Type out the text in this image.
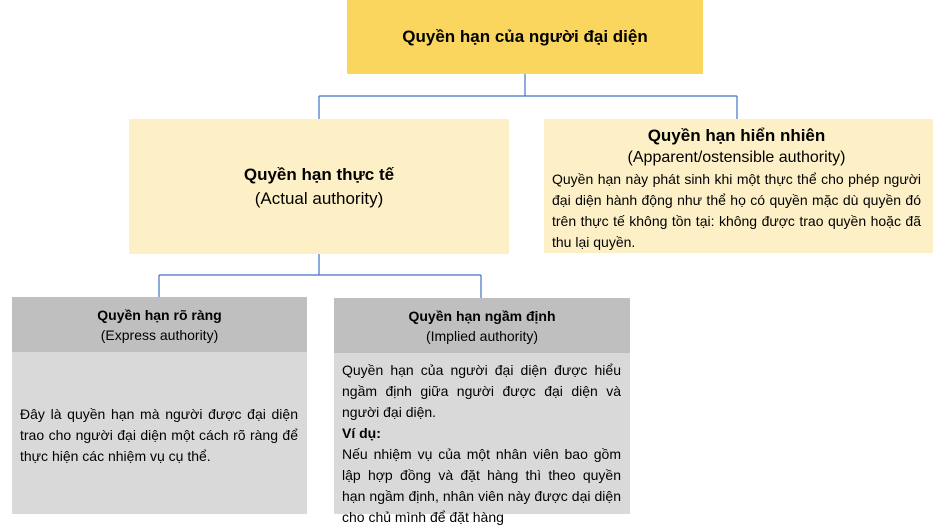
Quyền hạn của người đại diện
Quyền hạn thực tế
(Actual authority)
Quyền hạn hiển nhiên
(Apparent/ostensible authority)
Quyền hạn này phát sinh khi một thực thể cho phép người đại diện hành động như thể họ có quyền mặc dù quyền đó trên thực tế không tồn tại: không được trao quyền hoặc đã thu lại quyền.
Quyền hạn rõ ràng
(Express authority)
Đây là quyền hạn mà người được đại diện trao cho người đại diện một cách rõ ràng để thực hiện các nhiệm vụ cụ thể.
Quyền hạn ngầm định
(Implied authority)
Quyền hạn của người đại diện được hiểu ngầm định giữa người được đại diện và người đại diện.
Ví dụ:
Nếu nhiệm vụ của một nhân viên bao gồm lập hợp đồng và đặt hàng thì theo quyền hạn ngầm định, nhân viên này được dại diện cho chủ mình để đặt hàng
